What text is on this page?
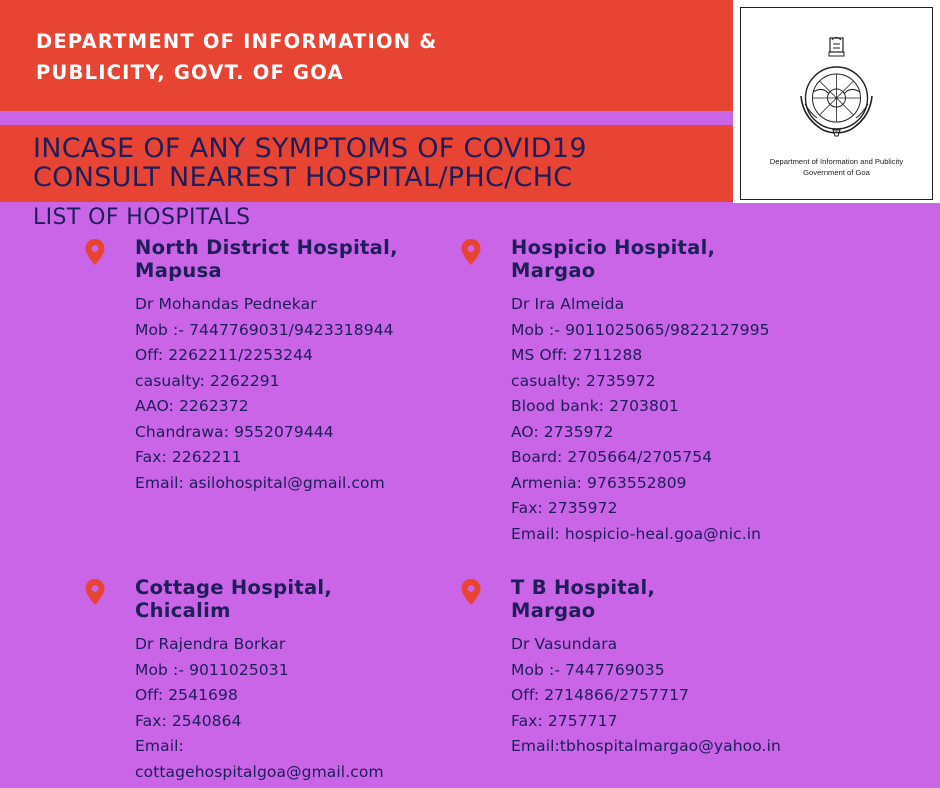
DEPARTMENT OF INFORMATION &
PUBLICITY, GOVT. OF GOA
INCASE OF ANY SYMPTOMS OF COVID19
CONSULT NEAREST HOSPITAL/PHC/CHC
LIST OF HOSPITALS
Department of Information and Publicity
Government of Goa
North District Hospital,
Mapusa
Dr Mohandas Pednekar
Mob :- 7447769031/9423318944
Off: 2262211/2253244
casualty: 2262291
AAO: 2262372
Chandrawa: 9552079444
Fax: 2262211
Email: asilohospital@gmail.com
Hospicio Hospital,
Margao
Dr Ira Almeida
Mob :- 9011025065/9822127995
MS Off: 2711288
casualty: 2735972
Blood bank: 2703801
AO: 2735972
Board: 2705664/2705754
Armenia: 9763552809
Fax: 2735972
Email: hospicio-heal.goa@nic.in
Cottage Hospital,
Chicalim
Dr Rajendra Borkar
Mob :- 9011025031
Off: 2541698
Fax: 2540864
Email:
cottagehospitalgoa@gmail.com
T B Hospital,
Margao
Dr Vasundara
Mob :- 7447769035
Off: 2714866/2757717
Fax: 2757717
Email:tbhospitalmargao@yahoo.in
